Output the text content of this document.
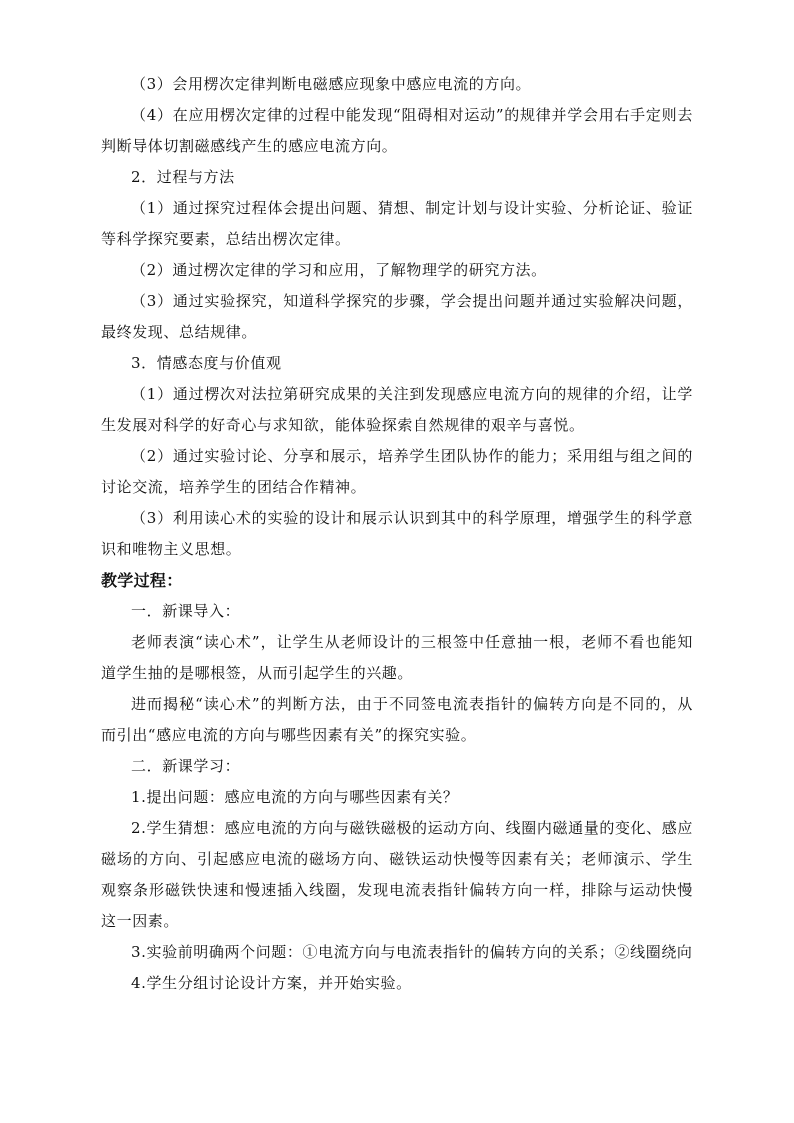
（3）会用楞次定律判断电磁感应现象中感应电流的方向。

（4）在应用楞次定律的过程中能发现“阻碍相对运动”的规律并学会用右手定则去判断导体切割磁感线产生的感应电流方向。

2．过程与方法

（1）通过探究过程体会提出问题、猜想、制定计划与设计实验、分析论证、验证等科学探究要素，总结出楞次定律。

（2）通过楞次定律的学习和应用，了解物理学的研究方法。

（3）通过实验探究，知道科学探究的步骤，学会提出问题并通过实验解决问题，最终发现、总结规律。

3．情感态度与价值观

（1）通过楞次对法拉第研究成果的关注到发现感应电流方向的规律的介绍，让学生发展对科学的好奇心与求知欲，能体验探索自然规律的艰辛与喜悦。

（2）通过实验讨论、分享和展示，培养学生团队协作的能力；采用组与组之间的讨论交流，培养学生的团结合作精神。

（3）利用读心术的实验的设计和展示认识到其中的科学原理，增强学生的科学意识和唯物主义思想。

教学过程：

一．新课导入：

老师表演“读心术”，让学生从老师设计的三根签中任意抽一根，老师不看也能知道学生抽的是哪根签，从而引起学生的兴趣。

进而揭秘“读心术”的判断方法，由于不同签电流表指针的偏转方向是不同的，从而引出“感应电流的方向与哪些因素有关”的探究实验。

二．新课学习：

1.提出问题：感应电流的方向与哪些因素有关？

2.学生猜想：感应电流的方向与磁铁磁极的运动方向、线圈内磁通量的变化、感应磁场的方向、引起感应电流的磁场方向、磁铁运动快慢等因素有关；老师演示、学生观察条形磁铁快速和慢速插入线圈，发现电流表指针偏转方向一样，排除与运动快慢这一因素。

3.实验前明确两个问题：①电流方向与电流表指针的偏转方向的关系；②线圈绕向

4.学生分组讨论设计方案，并开始实验。
